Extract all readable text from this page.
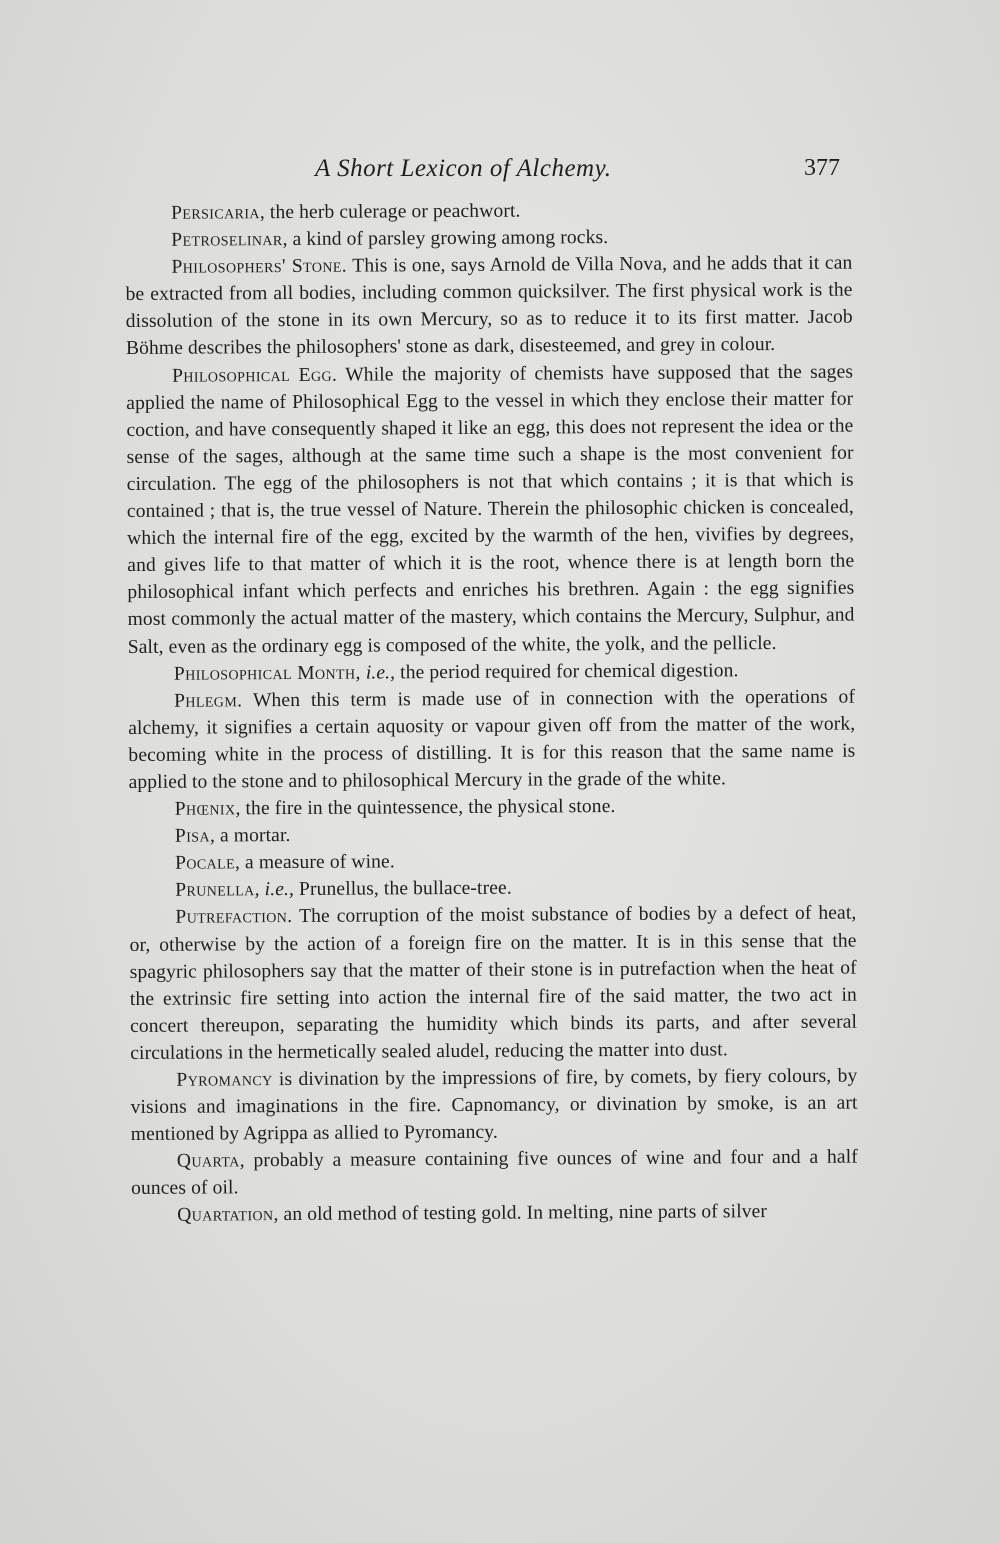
A Short Lexicon of Alchemy.	377

Persicaria, the herb culerage or peachwort.

Petroselinar, a kind of parsley growing among rocks.

Philosophers' Stone. This is one, says Arnold de Villa Nova, and he adds that it can be extracted from all bodies, including common quicksilver. The first physical work is the dissolution of the stone in its own Mercury, so as to reduce it to its first matter. Jacob Böhme describes the philosophers' stone as dark, disesteemed, and grey in colour.

Philosophical Egg. While the majority of chemists have supposed that the sages applied the name of Philosophical Egg to the vessel in which they enclose their matter for coction, and have consequently shaped it like an egg, this does not represent the idea or the sense of the sages, although at the same time such a shape is the most convenient for circulation. The egg of the philosophers is not that which contains ; it is that which is contained ; that is, the true vessel of Nature. Therein the philosophic chicken is concealed, which the internal fire of the egg, excited by the warmth of the hen, vivifies by degrees, and gives life to that matter of which it is the root, whence there is at length born the philosophical infant which perfects and enriches his brethren. Again : the egg signifies most commonly the actual matter of the mastery, which contains the Mercury, Sulphur, and Salt, even as the ordinary egg is composed of the white, the yolk, and the pellicle.

Philosophical Month, i.e., the period required for chemical digestion.

Phlegm. When this term is made use of in connection with the operations of alchemy, it signifies a certain aquosity or vapour given off from the matter of the work, becoming white in the process of distilling. It is for this reason that the same name is applied to the stone and to philosophical Mercury in the grade of the white.

Phœnix, the fire in the quintessence, the physical stone.

Pisa, a mortar.

Pocale, a measure of wine.

Prunella, i.e., Prunellus, the bullace-tree.

Putrefaction. The corruption of the moist substance of bodies by a defect of heat, or, otherwise by the action of a foreign fire on the matter. It is in this sense that the spagyric philosophers say that the matter of their stone is in putrefaction when the heat of the extrinsic fire setting into action the internal fire of the said matter, the two act in concert thereupon, separating the humidity which binds its parts, and after several circulations in the hermetically sealed aludel, reducing the matter into dust.

Pyromancy is divination by the impressions of fire, by comets, by fiery colours, by visions and imaginations in the fire. Capnomancy, or divination by smoke, is an art mentioned by Agrippa as allied to Pyromancy.

Quarta, probably a measure containing five ounces of wine and four and a half ounces of oil.

Quartation, an old method of testing gold. In melting, nine parts of silver
